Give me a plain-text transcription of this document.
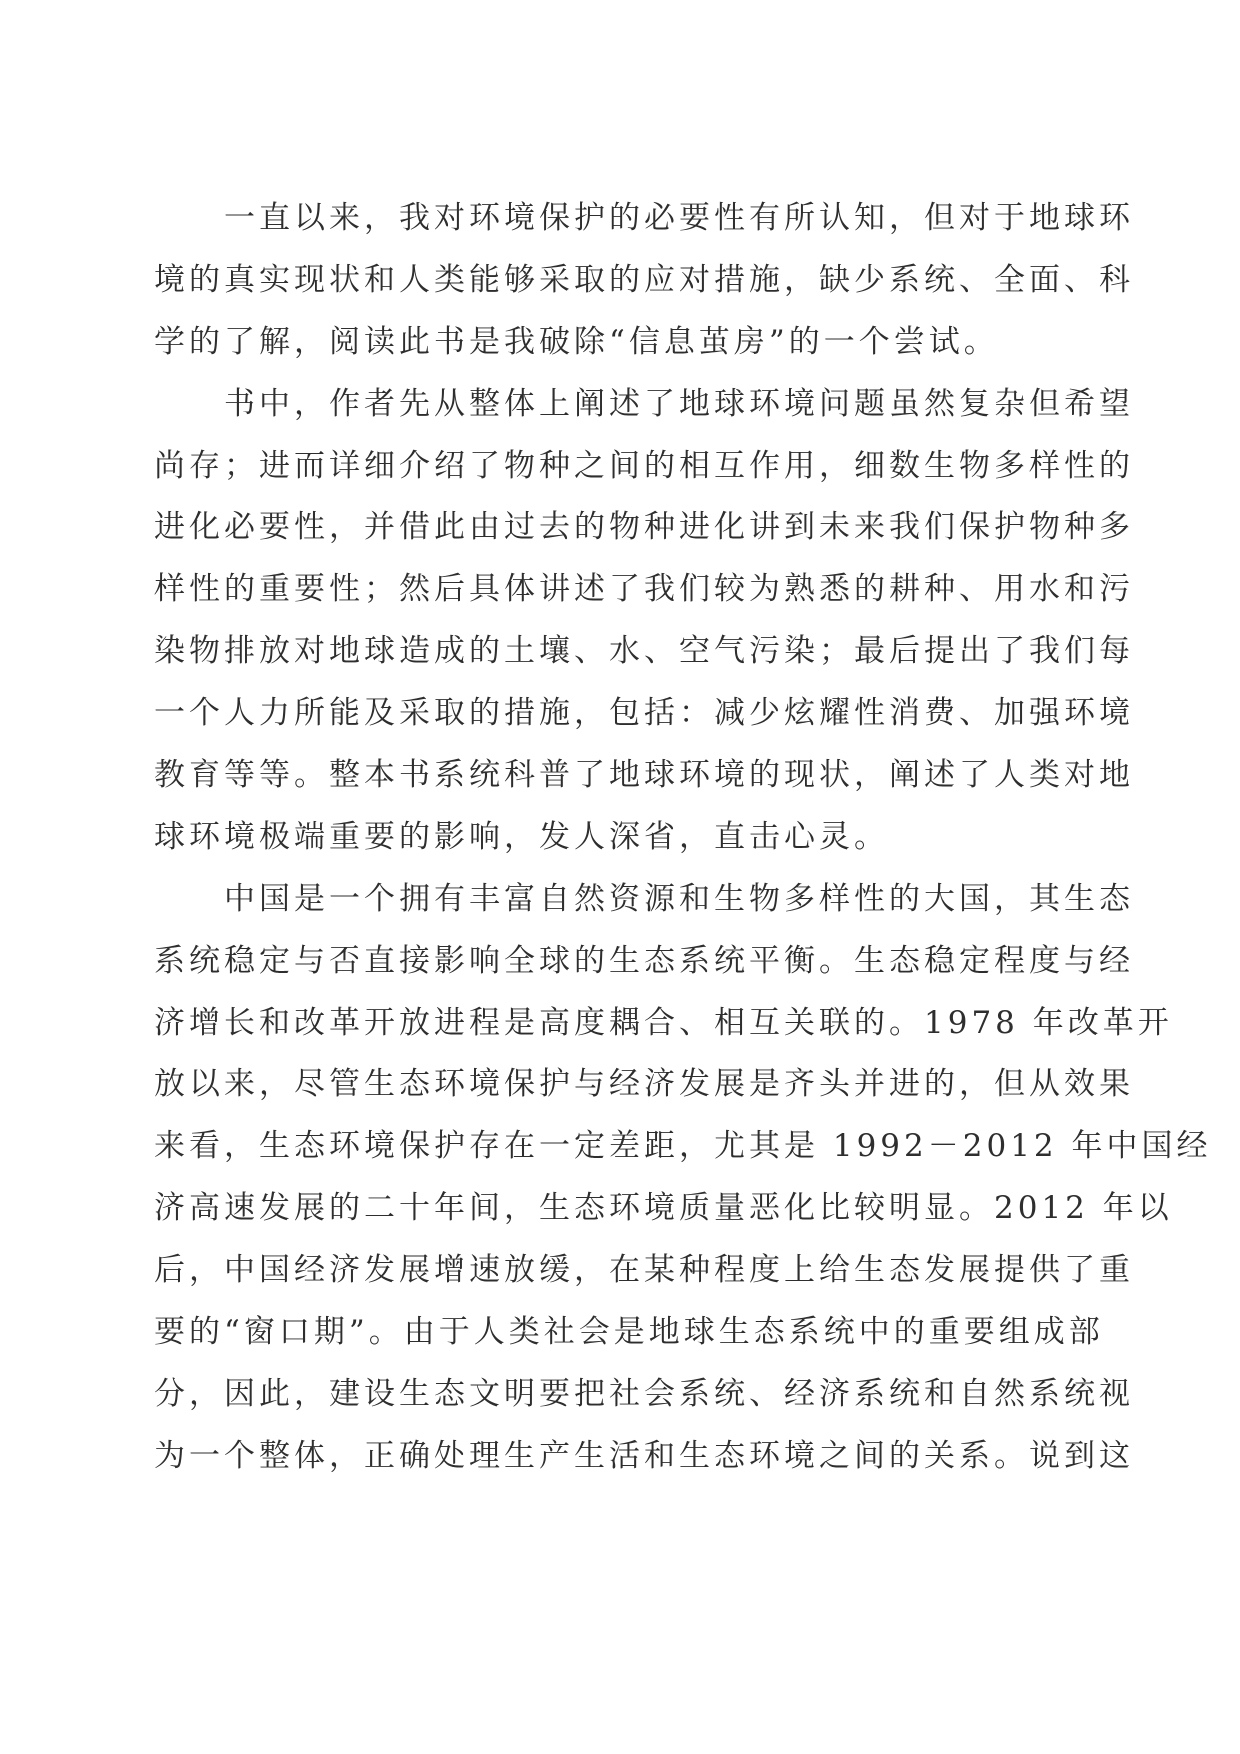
一直以来，我对环境保护的必要性有所认知，但对于地球环
境的真实现状和人类能够采取的应对措施，缺少系统、全面、科
学的了解，阅读此书是我破除“信息茧房”的一个尝试。
书中，作者先从整体上阐述了地球环境问题虽然复杂但希望
尚存；进而详细介绍了物种之间的相互作用，细数生物多样性的
进化必要性，并借此由过去的物种进化讲到未来我们保护物种多
样性的重要性；然后具体讲述了我们较为熟悉的耕种、用水和污
染物排放对地球造成的土壤、水、空气污染；最后提出了我们每
一个人力所能及采取的措施，包括：减少炫耀性消费、加强环境
教育等等。整本书系统科普了地球环境的现状，阐述了人类对地
球环境极端重要的影响，发人深省，直击心灵。
中国是一个拥有丰富自然资源和生物多样性的大国，其生态
系统稳定与否直接影响全球的生态系统平衡。生态稳定程度与经
济增长和改革开放进程是高度耦合、相互关联的。1978 年改革开
放以来，尽管生态环境保护与经济发展是齐头并进的，但从效果
来看，生态环境保护存在一定差距，尤其是 1992－2012 年中国经
济高速发展的二十年间，生态环境质量恶化比较明显。2012 年以
后，中国经济发展增速放缓，在某种程度上给生态发展提供了重
要的“窗口期”。由于人类社会是地球生态系统中的重要组成部
分，因此，建设生态文明要把社会系统、经济系统和自然系统视
为一个整体，正确处理生产生活和生态环境之间的关系。说到这
